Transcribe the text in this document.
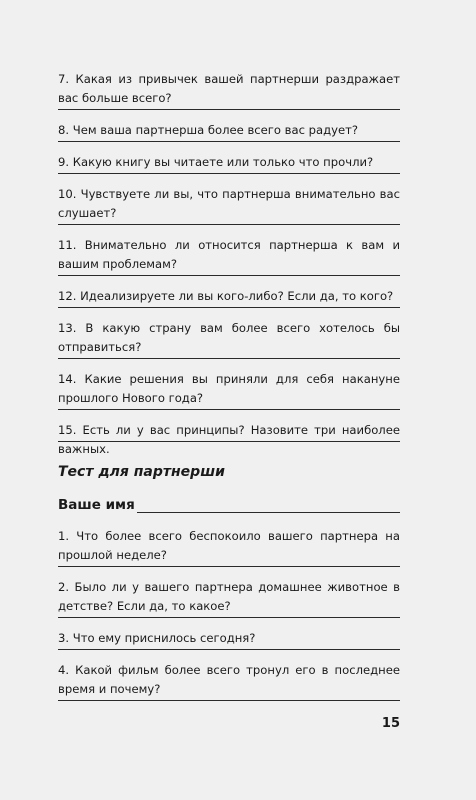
7. Какая из привычек вашей партнерши раздражает вас больше всего?
8. Чем ваша партнерша более всего вас радует?
9. Какую книгу вы читаете или только что прочли?
10. Чувствуете ли вы, что партнерша внимательно вас слушает?
11. Внимательно ли относится партнерша к вам и вашим проблемам?
12. Идеализируете ли вы кого-либо? Если да, то кого?
13. В какую страну вам более всего хотелось бы отправиться?
14. Какие решения вы приняли для себя накануне прошлого Нового года?
15. Есть ли у вас принципы? Назовите три наиболее важных.
Тест для партнерши
Ваше имя
1. Что более всего беспокоило вашего партнера на прошлой неделе?
2. Было ли у вашего партнера домашнее животное в детстве? Если да, то какое?
3. Что ему приснилось сегодня?
4. Какой фильм более всего тронул его в последнее время и почему?
15
